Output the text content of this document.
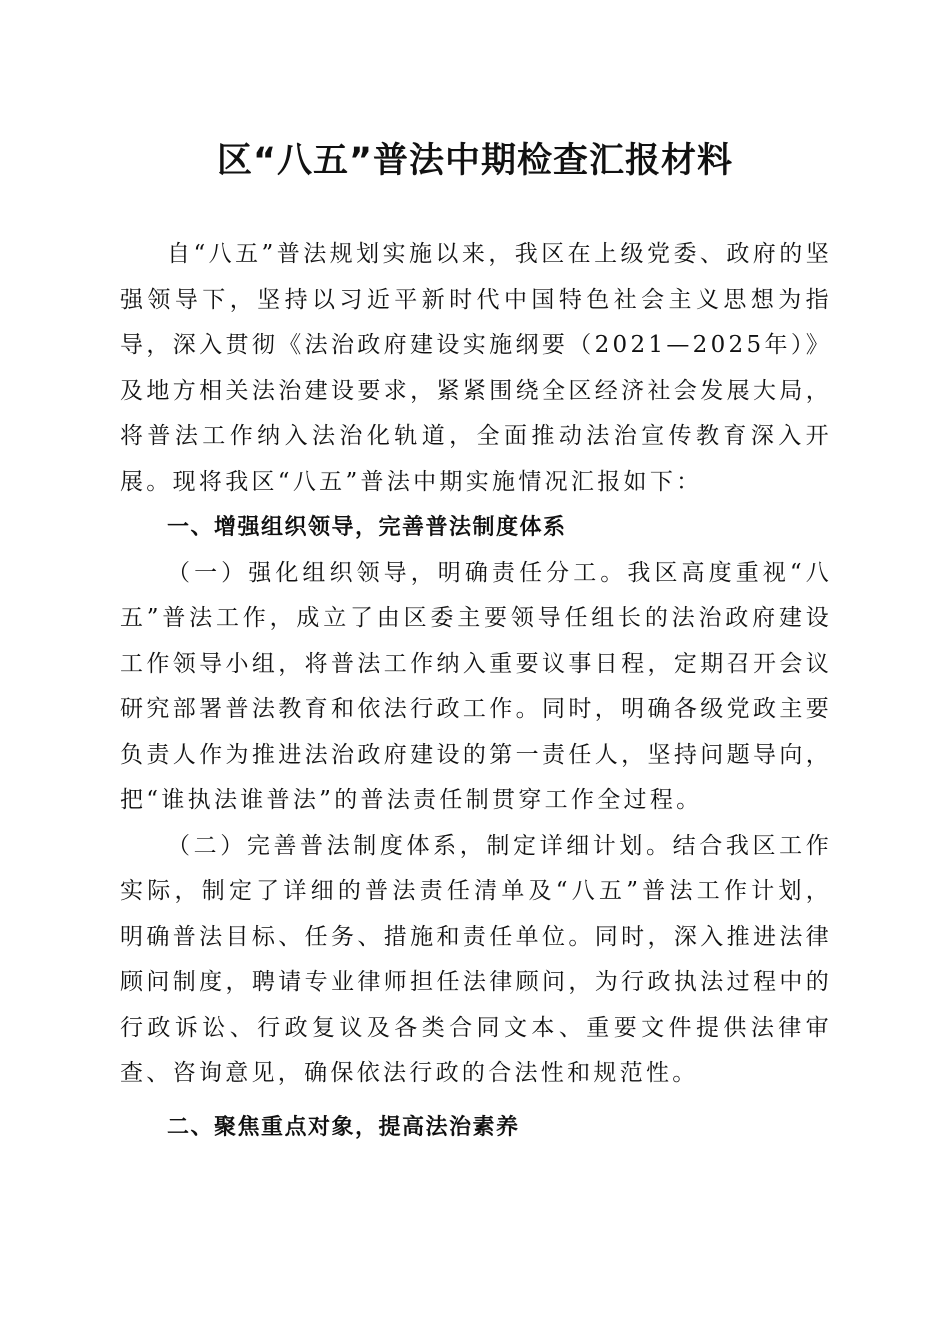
区“八五”普法中期检查汇报材料

自“八五”普法规划实施以来，我区在上级党委、政府的坚强领导下，坚持以习近平新时代中国特色社会主义思想为指导，深入贯彻《法治政府建设实施纲要（2021—2025年）》及地方相关法治建设要求，紧紧围绕全区经济社会发展大局，将普法工作纳入法治化轨道，全面推动法治宣传教育深入开展。现将我区“八五”普法中期实施情况汇报如下：

一、增强组织领导，完善普法制度体系

（一）强化组织领导，明确责任分工。我区高度重视“八五”普法工作，成立了由区委主要领导任组长的法治政府建设工作领导小组，将普法工作纳入重要议事日程，定期召开会议研究部署普法教育和依法行政工作。同时，明确各级党政主要负责人作为推进法治政府建设的第一责任人，坚持问题导向，把“谁执法谁普法”的普法责任制贯穿工作全过程。

（二）完善普法制度体系，制定详细计划。结合我区工作实际，制定了详细的普法责任清单及“八五”普法工作计划，明确普法目标、任务、措施和责任单位。同时，深入推进法律顾问制度，聘请专业律师担任法律顾问，为行政执法过程中的行政诉讼、行政复议及各类合同文本、重要文件提供法律审查、咨询意见，确保依法行政的合法性和规范性。

二、聚焦重点对象，提高法治素养
